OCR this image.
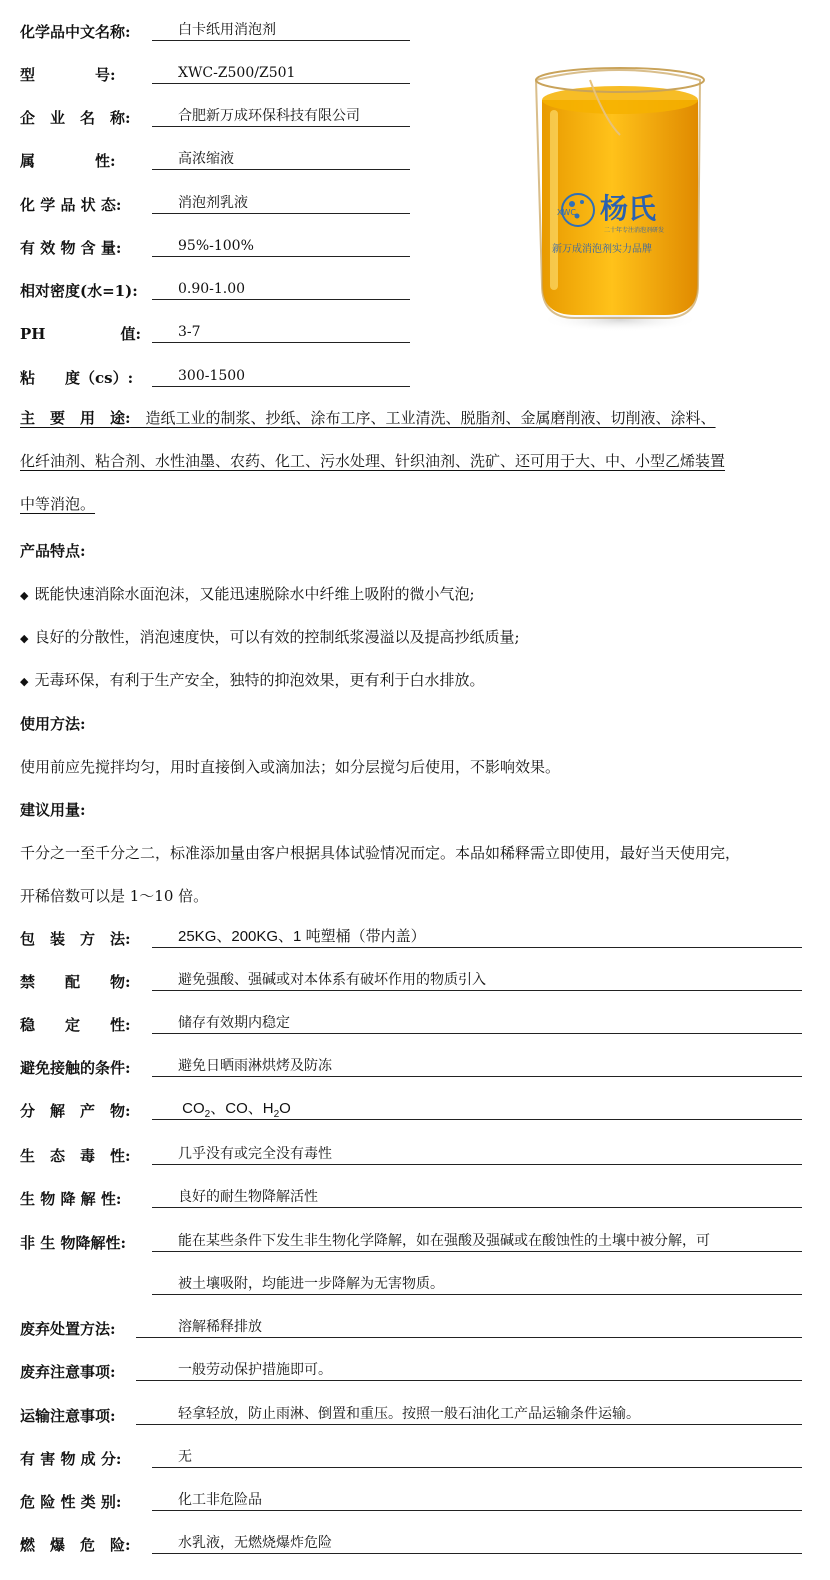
化学品中文名称:	白卡纸用消泡剂
型　　　　号:	XWC-Z500/Z501
企　业　名　称:	合肥新万成环保科技有限公司
属　　　　性:	高浓缩液
化 学 品 状 态:	消泡剂乳液
有 效 物 含 量:	95%-100%
相对密度(水=1):	0.90-1.00
PH　　　　　值:	3-7
粘　　度（cs）:	300-1500
XWC 杨氏
二十年专注消泡剂研发
新万成消泡剂实力品牌
主　要　用　途:　造纸工业的制浆、抄纸、涂布工序、工业清洗、脱脂剂、金属磨削液、切削液、涂料、
化纤油剂、粘合剂、水性油墨、农药、化工、污水处理、针织油剂、洗矿、还可用于大、中、小型乙烯装置
中等消泡。
产品特点:
◆ 既能快速消除水面泡沫，又能迅速脱除水中纤维上吸附的微小气泡;
◆ 良好的分散性，消泡速度快，可以有效的控制纸浆漫溢以及提高抄纸质量;
◆ 无毒环保，有利于生产安全，独特的抑泡效果，更有利于白水排放。
使用方法:
使用前应先搅拌均匀，用时直接倒入或滴加法；如分层搅匀后使用，不影响效果。
建议用量:
千分之一至千分之二，标准添加量由客户根据具体试验情况而定。本品如稀释需立即使用，最好当天使用完，
开稀倍数可以是 1～10 倍。
包　装　方　法:	25KG、200KG、1 吨塑桶（带内盖）
禁　　配　　物:	避免强酸、强碱或对本体系有破坏作用的物质引入
稳　　定　　性:	储存有效期内稳定
避免接触的条件:	避免日晒雨淋烘烤及防冻
分　解　产　物:	$CO_2$、CO、$H_2O$
生　态　毒　性:	几乎没有或完全没有毒性
生 物 降 解 性:	良好的耐生物降解活性
非 生 物降解性:	能在某些条件下发生非生物化学降解，如在强酸及强碱或在酸蚀性的土壤中被分解，可
被土壤吸附，均能进一步降解为无害物质。
废弃处置方法:	溶解稀释排放
废弃注意事项:	一般劳动保护措施即可。
运输注意事项:	轻拿轻放，防止雨淋、倒置和重压。按照一般石油化工产品运输条件运输。
有 害 物 成 分:	无
危 险 性 类 别:	化工非危险品
燃　爆　危　险:	水乳液，无燃烧爆炸危险
